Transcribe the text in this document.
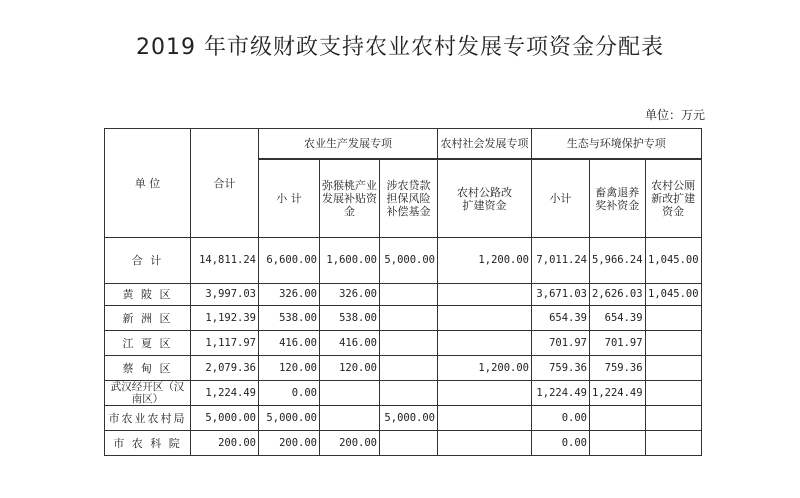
2019 年市级财政支持农业农村发展专项资金分配表
单位：万元
单 位	合计	农业生产发展专项			农村社会发展专项	生态与环境保护专项		

		小 计	弥猴桃产业发展补贴资金	涉农贷款担保风险补偿基金	农村公路改扩建资金	小计	畜禽退养奖补资金	农村公厕新改扩建资金
合 计	14,811.24	6,600.00	1,600.00	5,000.00	1,200.00	7,011.24	5,966.24	1,045.00
黄 陂 区	3,997.03	326.00	326.00			3,671.03	2,626.03	1,045.00
新 洲 区	1,192.39	538.00	538.00			654.39	654.39	
江 夏 区	1,117.97	416.00	416.00			701.97	701.97	
蔡 甸 区	2,079.36	120.00	120.00		1,200.00	759.36	759.36	
武汉经开区（汉南区）	1,224.49	0.00				1,224.49	1,224.49	
市农业农村局	5,000.00	5,000.00		5,000.00		0.00		
市 农 科 院	200.00	200.00	200.00			0.00		
